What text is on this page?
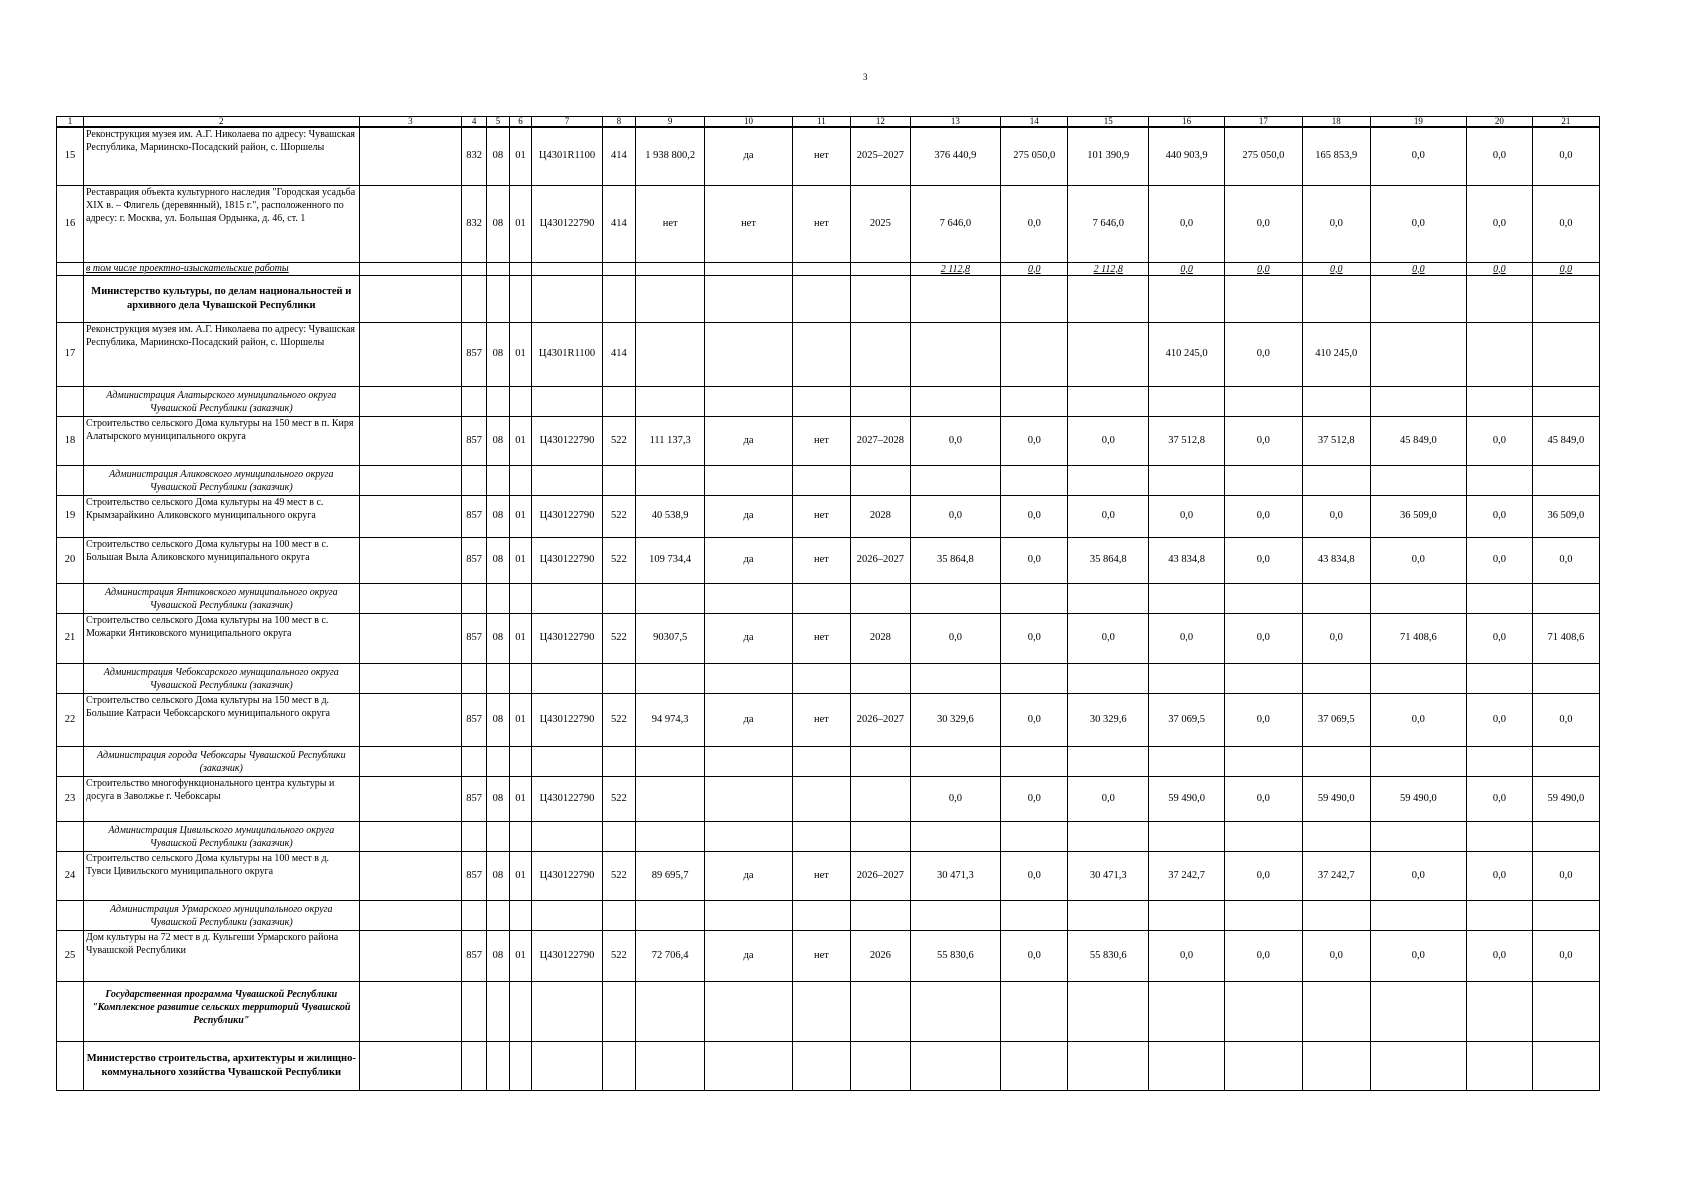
3
1	2	3	4	5	6	7	8	9	10	11	12	13	14	15	16	17	18	19	20	21
15	Реконструкция музея им. А.Г. Николаева по адресу: Чувашская Республика, Мариинско-Посадский район, с. Шоршелы		832	08	01	Ц4301R1100	414	1 938 800,2	да	нет	2025–2027	376 440,9	275 050,0	101 390,9	440 903,9	275 050,0	165 853,9	0,0	0,0	0,0
16	Реставрация объекта культурного наследия "Городская усадьба XIX в. – Флигель (деревянный), 1815 г.", расположенного по адресу: г. Москва, ул. Большая Ордынка, д. 46, ст. 1		832	08	01	Ц430122790	414	нет	нет	нет	2025	7 646,0	0,0	7 646,0	0,0	0,0	0,0	0,0	0,0	0,0
	в том числе проектно-изыскательские работы											2 112,8	0,0	2 112,8	0,0	0,0	0,0	0,0	0,0	0,0
	Министерство культуры, по делам национальностей и архивного дела Чувашской Республики																			
17	Реконструкция музея им. А.Г. Николаева по адресу: Чувашская Республика, Мариинско-Посадский район, с. Шоршелы		857	08	01	Ц4301R1100	414								410 245,0	0,0	410 245,0			
	Администрация Алатырского муниципального округа Чувашской Республики (заказчик)																			
18	Строительство сельского Дома культуры на 150 мест в п. Киря Алатырского муниципального округа		857	08	01	Ц430122790	522	111 137,3	да	нет	2027–2028	0,0	0,0	0,0	37 512,8	0,0	37 512,8	45 849,0	0,0	45 849,0
	Администрация Аликовского муниципального округа Чувашской Республики (заказчик)																			
19	Строительство сельского Дома культуры на 49 мест в с. Крымзарайкино Аликовского муниципального округа		857	08	01	Ц430122790	522	40 538,9	да	нет	2028	0,0	0,0	0,0	0,0	0,0	0,0	36 509,0	0,0	36 509,0
20	Строительство сельского Дома культуры на 100 мест в с. Большая Выла Аликовского муниципального округа		857	08	01	Ц430122790	522	109 734,4	да	нет	2026–2027	35 864,8	0,0	35 864,8	43 834,8	0,0	43 834,8	0,0	0,0	0,0
	Администрация Янтиковского муниципального округа Чувашской Республики (заказчик)																			
21	Строительство сельского Дома культуры на 100 мест в с. Можарки Янтиковского муниципального округа		857	08	01	Ц430122790	522	90307,5	да	нет	2028	0,0	0,0	0,0	0,0	0,0	0,0	71 408,6	0,0	71 408,6
	Администрация Чебоксарского муниципального округа Чувашской Республики (заказчик)																			
22	Строительство сельского Дома культуры на 150 мест в д. Большие Катраси Чебоксарского муниципального округа		857	08	01	Ц430122790	522	94 974,3	да	нет	2026–2027	30 329,6	0,0	30 329,6	37 069,5	0,0	37 069,5	0,0	0,0	0,0
	Администрация города Чебоксары Чувашской Республики (заказчик)																			
23	Строительство многофункционального центра культуры и досуга в Заволжье г. Чебоксары		857	08	01	Ц430122790	522					0,0	0,0	0,0	59 490,0	0,0	59 490,0	59 490,0	0,0	59 490,0
	Администрация Цивильского муниципального округа Чувашской Республики (заказчик)																			
24	Строительство сельского Дома культуры на 100 мест в д. Тувси Цивильского муниципального округа		857	08	01	Ц430122790	522	89 695,7	да	нет	2026–2027	30 471,3	0,0	30 471,3	37 242,7	0,0	37 242,7	0,0	0,0	0,0
	Администрация Урмарского муниципального округа Чувашской Республики (заказчик)																			
25	Дом культуры на 72 мест в д. Кульгеши Урмарского района Чувашской Республики		857	08	01	Ц430122790	522	72 706,4	да	нет	2026	55 830,6	0,0	55 830,6	0,0	0,0	0,0	0,0	0,0	0,0
	Государственная программа Чувашской Республики "Комплексное развитие сельских территорий Чувашской Республики"																			
	Министерство строительства, архитектуры и жилищно-коммунального хозяйства Чувашской Республики																			
